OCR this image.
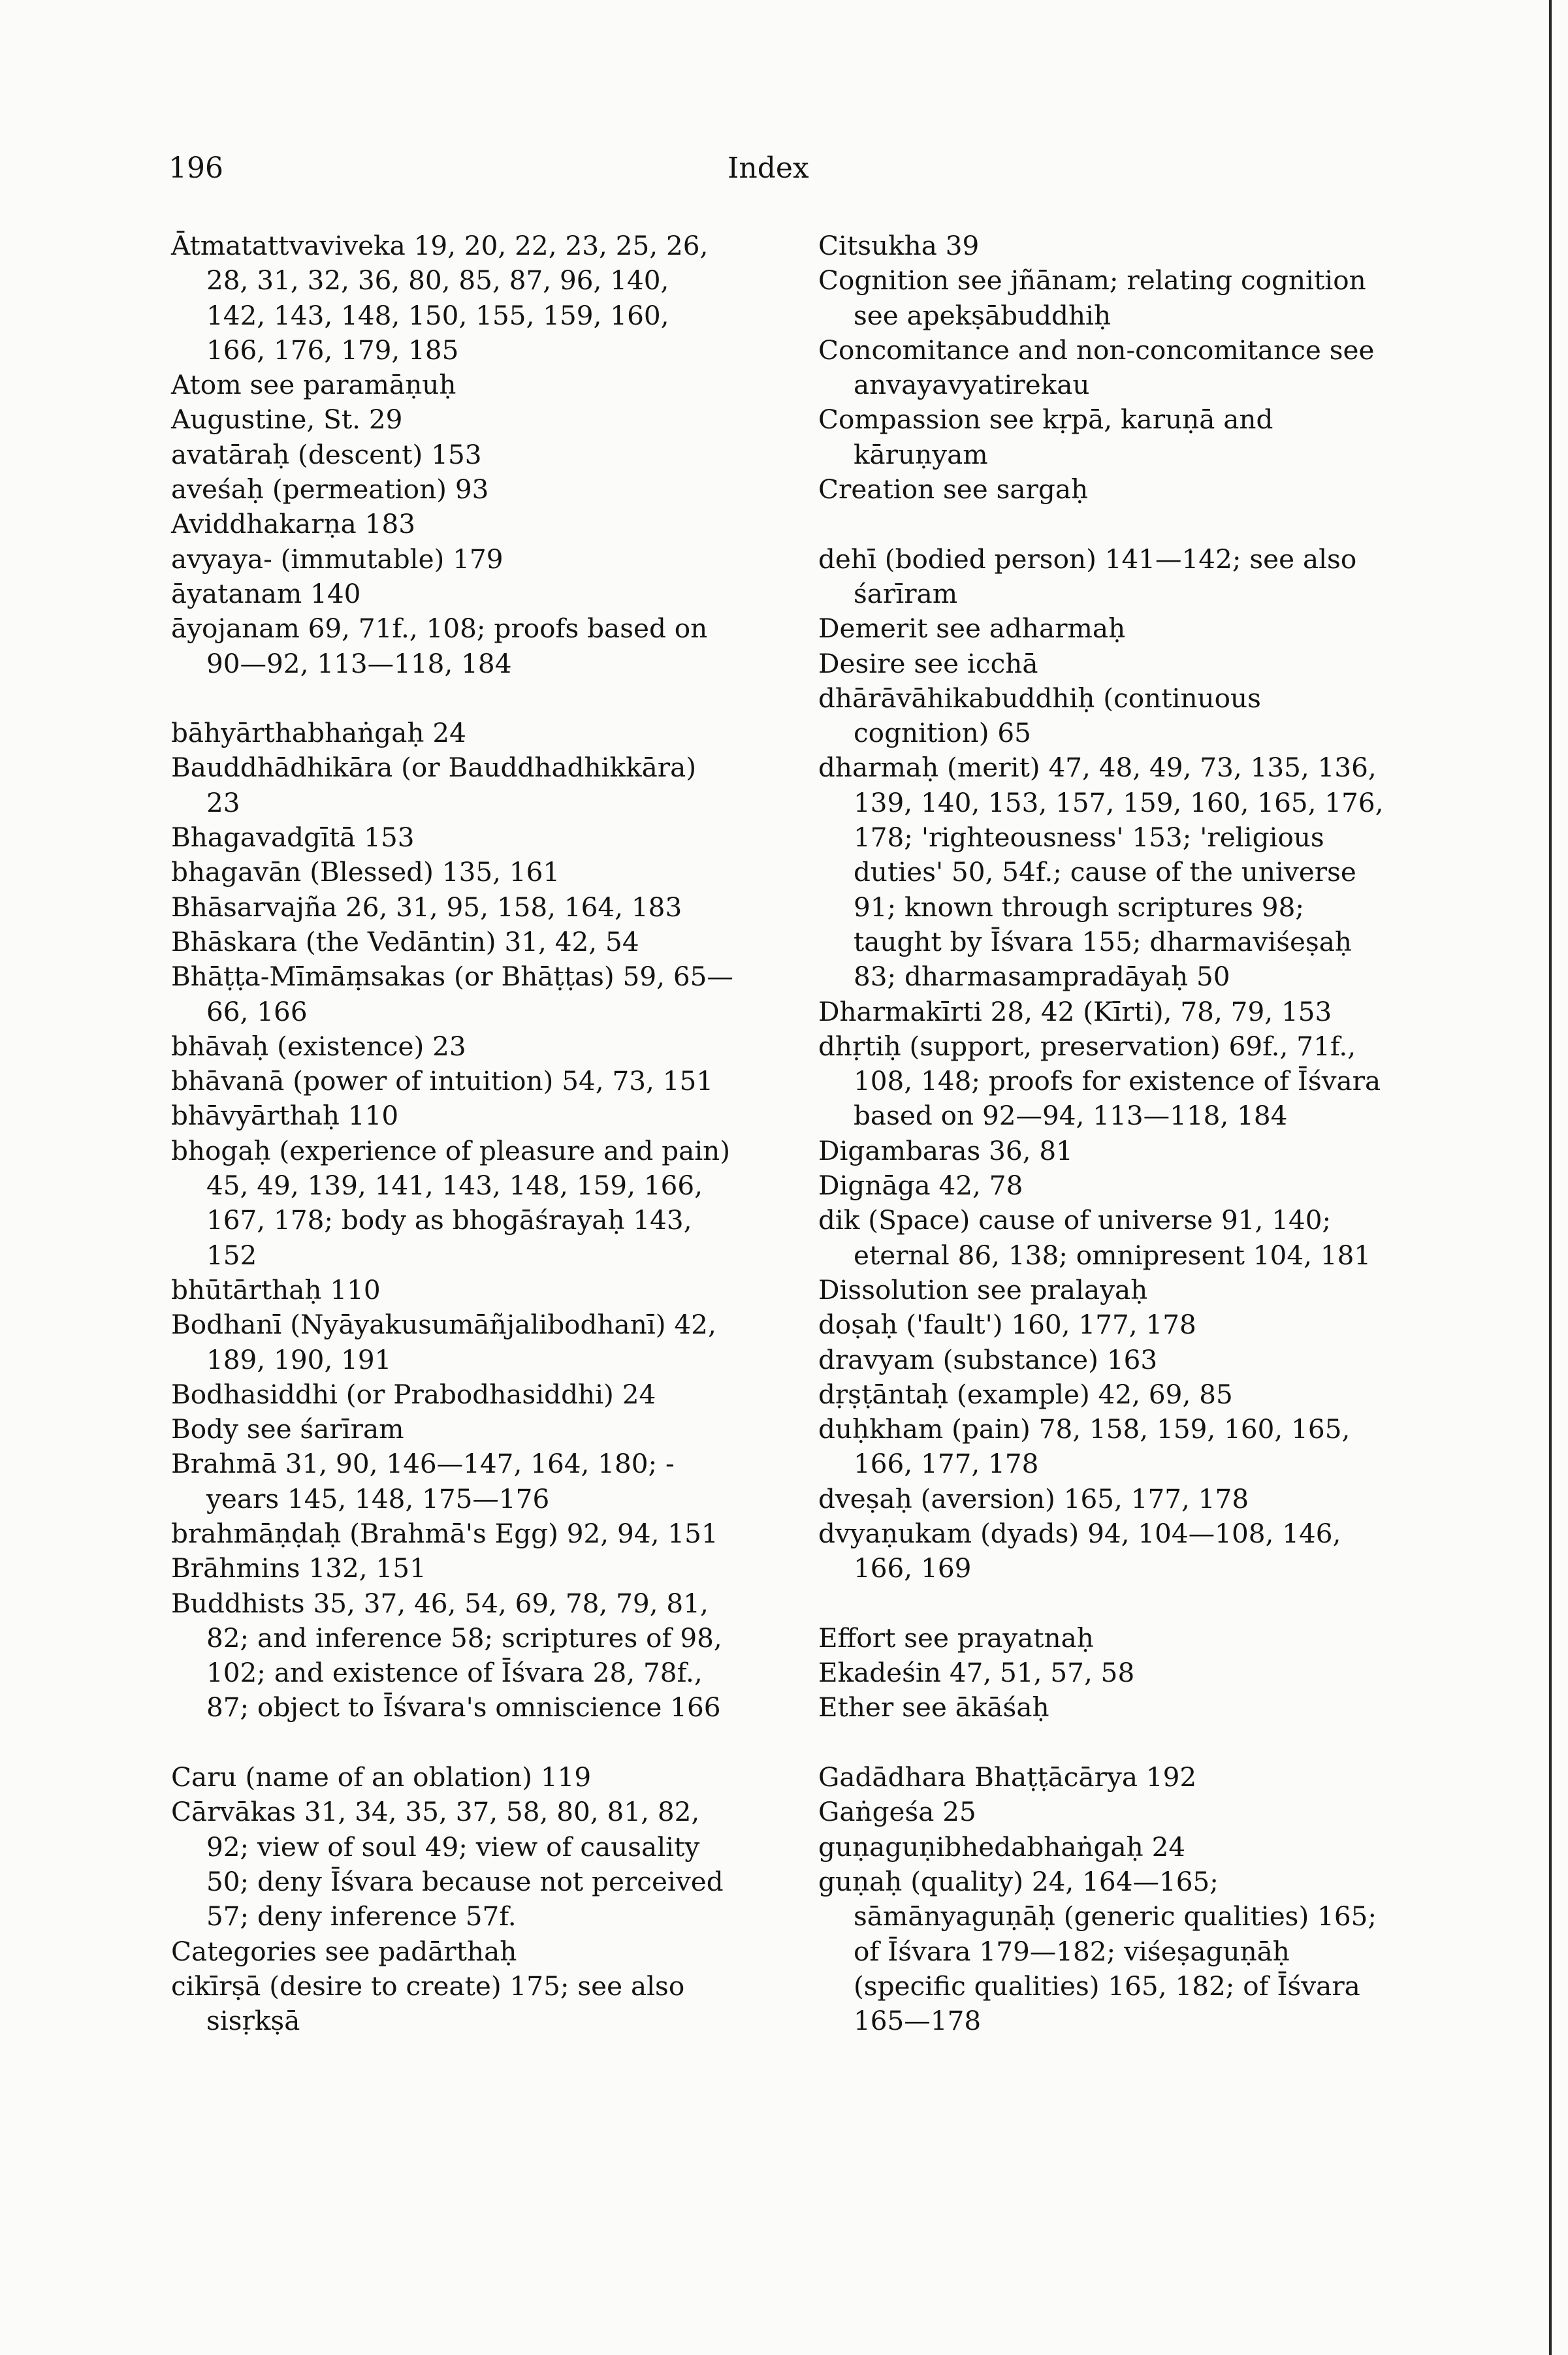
196	Index

Ātmatattvaviveka 19, 20, 22, 23, 25, 26, 28, 31, 32, 36, 80, 85, 87, 96, 140, 142, 143, 148, 150, 155, 159, 160, 166, 176, 179, 185

Atom see paramāṇuḥ

Augustine, St. 29

avatāraḥ (descent) 153

aveśaḥ (permeation) 93

Aviddhakarṇa 183

avyaya- (immutable) 179

āyatanam 140

āyojanam 69, 71f., 108; proofs based on 90—92, 113—118, 184

bāhyārthabhaṅgaḥ 24

Bauddhādhikāra (or Bauddhadhikkāra) 23

Bhagavadgītā 153

bhagavān (Blessed) 135, 161

Bhāsarvajña 26, 31, 95, 158, 164, 183

Bhāskara (the Vedāntin) 31, 42, 54

Bhāṭṭa-Mīmāṃsakas (or Bhāṭṭas) 59, 65—66, 166

bhāvaḥ (existence) 23

bhāvanā (power of intuition) 54, 73, 151

bhāvyārthaḥ 110

bhogaḥ (experience of pleasure and pain) 45, 49, 139, 141, 143, 148, 159, 166, 167, 178; body as bhogāśrayaḥ 143, 152

bhūtārthaḥ 110

Bodhanī (Nyāyakusumāñjalibodhanī) 42, 189, 190, 191

Bodhasiddhi (or Prabodhasiddhi) 24

Body see śarīram

Brahmā 31, 90, 146—147, 164, 180; -years 145, 148, 175—176

brahmāṇḍaḥ (Brahmā's Egg) 92, 94, 151

Brāhmins 132, 151

Buddhists 35, 37, 46, 54, 69, 78, 79, 81, 82; and inference 58; scriptures of 98, 102; and existence of Īśvara 28, 78f., 87; object to Īśvara's omniscience 166

Caru (name of an oblation) 119

Cārvākas 31, 34, 35, 37, 58, 80, 81, 82, 92; view of soul 49; view of causality 50; deny Īśvara because not perceived 57; deny inference 57f.

Categories see padārthaḥ

cikīrṣā (desire to create) 175; see also sisṛkṣā

Citsukha 39

Cognition see jñānam; relating cognition see apekṣābuddhiḥ

Concomitance and non-concomitance see anvayavyatirekau

Compassion see kṛpā, karuṇā and kāruṇyam

Creation see sargaḥ

dehī (bodied person) 141—142; see also śarīram

Demerit see adharmaḥ

Desire see icchā

dhārāvāhikabuddhiḥ (continuous cognition) 65

dharmaḥ (merit) 47, 48, 49, 73, 135, 136, 139, 140, 153, 157, 159, 160, 165, 176, 178; 'righteousness' 153; 'religious duties' 50, 54f.; cause of the universe 91; known through scriptures 98; taught by Īśvara 155; dharmaviśeṣaḥ 83; dharmasampradāyaḥ 50

Dharmakīrti 28, 42 (Kīrti), 78, 79, 153

dhṛtiḥ (support, preservation) 69f., 71f., 108, 148; proofs for existence of Īśvara based on 92—94, 113—118, 184

Digambaras 36, 81

Dignāga 42, 78

dik (Space) cause of universe 91, 140; eternal 86, 138; omnipresent 104, 181

Dissolution see pralayaḥ

doṣaḥ ('fault') 160, 177, 178

dravyam (substance) 163

dṛṣṭāntaḥ (example) 42, 69, 85

duḥkham (pain) 78, 158, 159, 160, 165, 166, 177, 178

dveṣaḥ (aversion) 165, 177, 178

dvyaṇukam (dyads) 94, 104—108, 146, 166, 169

Effort see prayatnaḥ

Ekadeśin 47, 51, 57, 58

Ether see ākāśaḥ

Gadādhara Bhaṭṭācārya 192

Gaṅgeśa 25

guṇaguṇibhedabhaṅgaḥ 24

guṇaḥ (quality) 24, 164—165; sāmānyaguṇāḥ (generic qualities) 165; of Īśvara 179—182; viśeṣaguṇāḥ (specific qualities) 165, 182; of Īśvara 165—178
